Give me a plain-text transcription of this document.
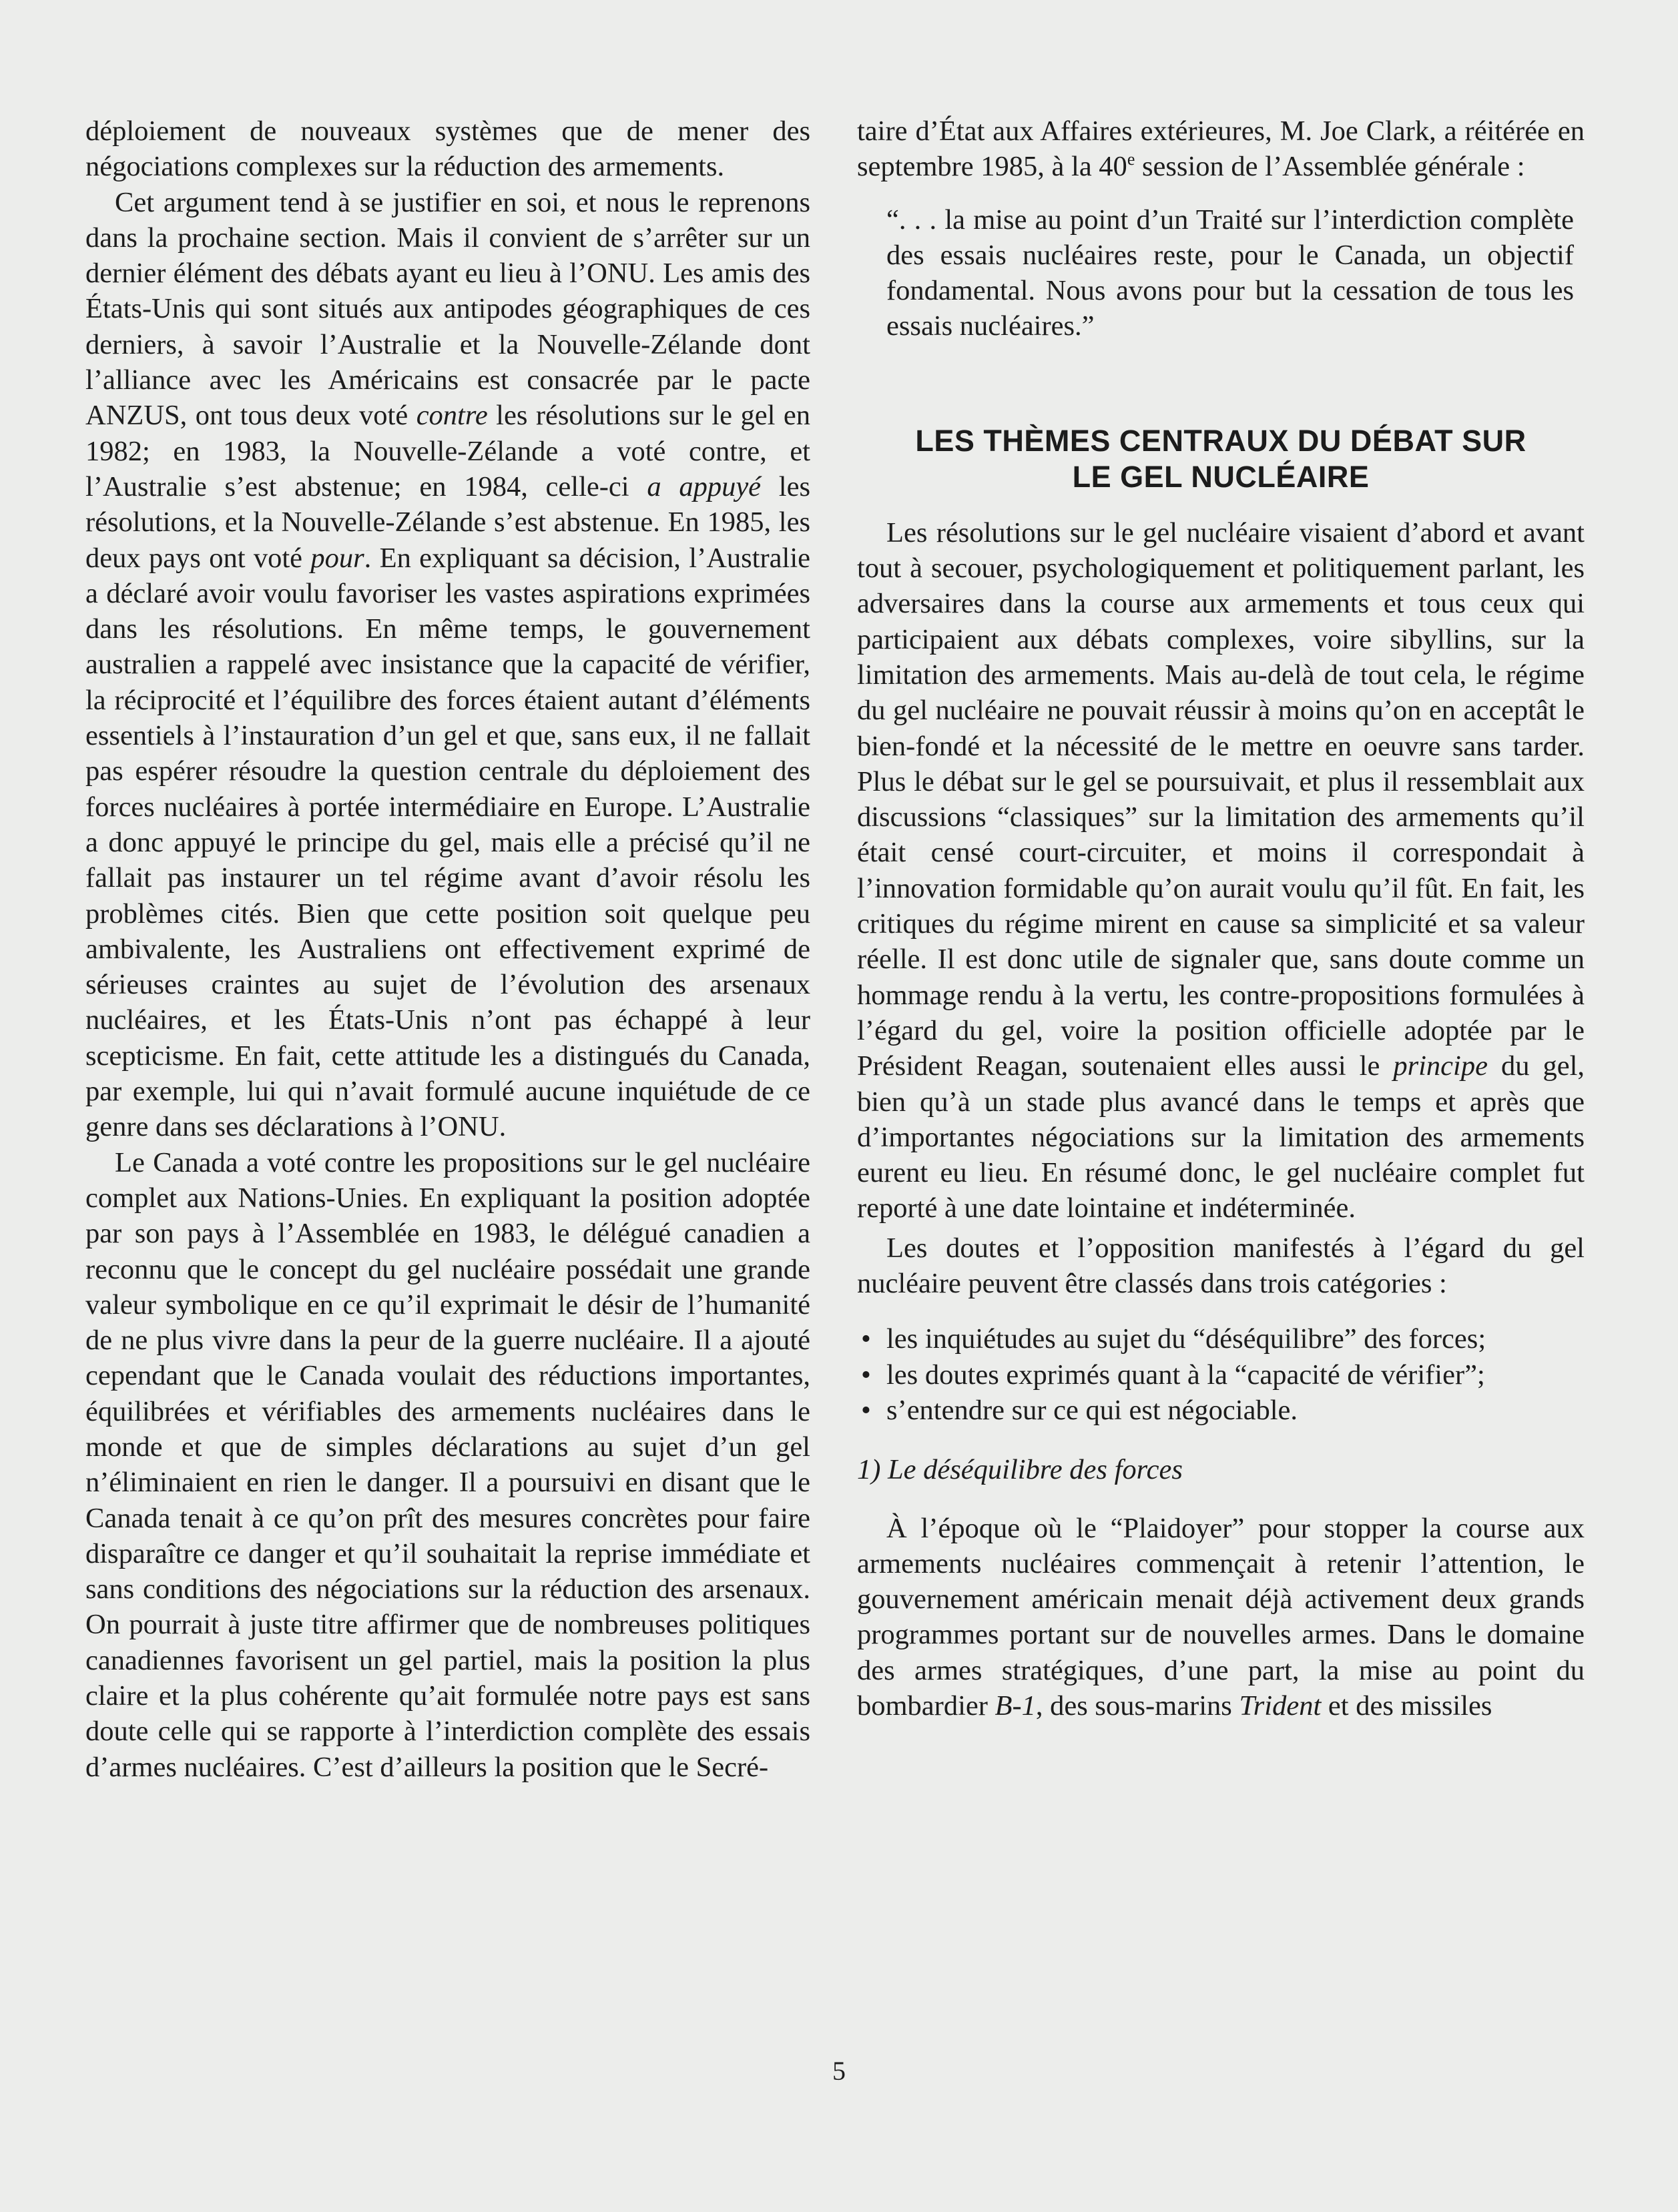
déploiement de nouveaux systèmes que de mener des négociations complexes sur la réduction des armements.

Cet argument tend à se justifier en soi, et nous le reprenons dans la prochaine section. Mais il convient de s’arrêter sur un dernier élément des débats ayant eu lieu à l’ONU. Les amis des États-Unis qui sont situés aux antipodes géographiques de ces derniers, à savoir l’Australie et la Nouvelle-Zélande dont l’alliance avec les Américains est consacrée par le pacte ANZUS, ont tous deux voté contre les résolutions sur le gel en 1982; en 1983, la Nouvelle-Zélande a voté contre, et l’Australie s’est abstenue; en 1984, celle-ci a appuyé les résolutions, et la Nouvelle-Zélande s’est abstenue. En 1985, les deux pays ont voté pour. En expliquant sa décision, l’Australie a déclaré avoir voulu favoriser les vastes aspirations exprimées dans les résolutions. En même temps, le gouvernement australien a rappelé avec insistance que la capacité de vérifier, la réciprocité et l’équilibre des forces étaient autant d’éléments essentiels à l’instauration d’un gel et que, sans eux, il ne fallait pas espérer résoudre la question centrale du déploiement des forces nucléaires à portée intermédiaire en Europe. L’Australie a donc appuyé le principe du gel, mais elle a précisé qu’il ne fallait pas instaurer un tel régime avant d’avoir résolu les problèmes cités. Bien que cette position soit quelque peu ambivalente, les Australiens ont effectivement exprimé de sérieuses craintes au sujet de l’évolution des arsenaux nucléaires, et les États-Unis n’ont pas échappé à leur scepticisme. En fait, cette attitude les a distingués du Canada, par exemple, lui qui n’avait formulé aucune inquiétude de ce genre dans ses déclarations à l’ONU.

Le Canada a voté contre les propositions sur le gel nucléaire complet aux Nations-Unies. En expliquant la position adoptée par son pays à l’Assemblée en 1983, le délégué canadien a reconnu que le concept du gel nucléaire possédait une grande valeur symbolique en ce qu’il exprimait le désir de l’humanité de ne plus vivre dans la peur de la guerre nucléaire. Il a ajouté cependant que le Canada voulait des réductions importantes, équilibrées et vérifiables des armements nucléaires dans le monde et que de simples déclarations au sujet d’un gel n’éliminaient en rien le danger. Il a poursuivi en disant que le Canada tenait à ce qu’on prît des mesures concrètes pour faire disparaître ce danger et qu’il souhaitait la reprise immédiate et sans conditions des négociations sur la réduction des arsenaux. On pourrait à juste titre affirmer que de nombreuses politiques canadiennes favorisent un gel partiel, mais la position la plus claire et la plus cohérente qu’ait formulée notre pays est sans doute celle qui se rapporte à l’interdiction complète des essais d’armes nucléaires. C’est d’ailleurs la position que le Secré-

taire d’État aux Affaires extérieures, M. Joe Clark, a réitérée en septembre 1985, à la 40e session de l’Assemblée générale :

“. . . la mise au point d’un Traité sur l’interdiction complète des essais nucléaires reste, pour le Canada, un objectif fondamental. Nous avons pour but la cessation de tous les essais nucléaires.”

LES THÈMES CENTRAUX DU DÉBAT SUR
LE GEL NUCLÉAIRE

Les résolutions sur le gel nucléaire visaient d’abord et avant tout à secouer, psychologiquement et politiquement parlant, les adversaires dans la course aux armements et tous ceux qui participaient aux débats complexes, voire sibyllins, sur la limitation des armements. Mais au-delà de tout cela, le régime du gel nucléaire ne pouvait réussir à moins qu’on en acceptât le bien-fondé et la nécessité de le mettre en oeuvre sans tarder. Plus le débat sur le gel se poursuivait, et plus il ressemblait aux discussions “classiques” sur la limitation des armements qu’il était censé court-circuiter, et moins il correspondait à l’innovation formidable qu’on aurait voulu qu’il fût. En fait, les critiques du régime mirent en cause sa simplicité et sa valeur réelle. Il est donc utile de signaler que, sans doute comme un hommage rendu à la vertu, les contre-propositions formulées à l’égard du gel, voire la position officielle adoptée par le Président Reagan, soutenaient elles aussi le principe du gel, bien qu’à un stade plus avancé dans le temps et après que d’importantes négociations sur la limitation des armements eurent eu lieu. En résumé donc, le gel nucléaire complet fut reporté à une date lointaine et indéterminée.

Les doutes et l’opposition manifestés à l’égard du gel nucléaire peuvent être classés dans trois catégories :

• les inquiétudes au sujet du “déséquilibre” des forces;
• les doutes exprimés quant à la “capacité de vérifier”;
• s’entendre sur ce qui est négociable.

1) Le déséquilibre des forces

À l’époque où le “Plaidoyer” pour stopper la course aux armements nucléaires commençait à retenir l’attention, le gouvernement américain menait déjà activement deux grands programmes portant sur de nouvelles armes. Dans le domaine des armes stratégiques, d’une part, la mise au point du bombardier B-1, des sous-marins Trident et des missiles

5
